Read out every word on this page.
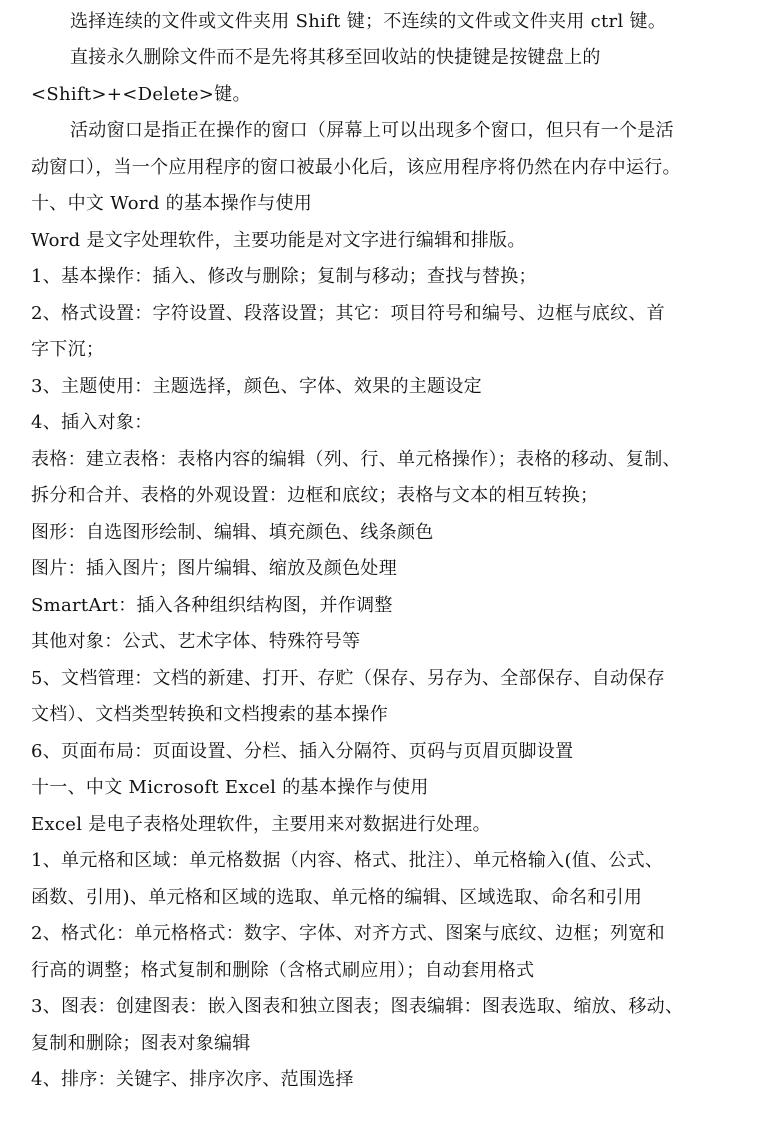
选择连续的文件或文件夹用 Shift 键；不连续的文件或文件夹用 ctrl 键。
直接永久删除文件而不是先将其移至回收站的快捷键是按键盘上的
<Shift>+<Delete>键。
活动窗口是指正在操作的窗口（屏幕上可以出现多个窗口，但只有一个是活
动窗口），当一个应用程序的窗口被最小化后，该应用程序将仍然在内存中运行。
十、中文 Word 的基本操作与使用
Word 是文字处理软件，主要功能是对文字进行编辑和排版。
1、基本操作：插入、修改与删除；复制与移动；查找与替换；
2、格式设置：字符设置、段落设置；其它：项目符号和编号、边框与底纹、首
字下沉；
3、主题使用：主题选择，颜色、字体、效果的主题设定
4、插入对象：
表格：建立表格：表格内容的编辑（列、行、单元格操作）；表格的移动、复制、
拆分和合并、表格的外观设置：边框和底纹；表格与文本的相互转换；
图形：自选图形绘制、编辑、填充颜色、线条颜色
图片：插入图片；图片编辑、缩放及颜色处理
SmartArt：插入各种组织结构图，并作调整
其他对象：公式、艺术字体、特殊符号等
5、文档管理：文档的新建、打开、存贮（保存、另存为、全部保存、自动保存
文档）、文档类型转换和文档搜索的基本操作
6、页面布局：页面设置、分栏、插入分隔符、页码与页眉页脚设置
十一、中文 Microsoft Excel 的基本操作与使用
Excel 是电子表格处理软件，主要用来对数据进行处理。
1、单元格和区域：单元格数据（内容、格式、批注）、单元格输入(值、公式、
函数、引用)、单元格和区域的选取、单元格的编辑、区域选取、命名和引用
2、格式化：单元格格式：数字、字体、对齐方式、图案与底纹、边框；列宽和
行高的调整；格式复制和删除（含格式刷应用）；自动套用格式
3、图表：创建图表：嵌入图表和独立图表；图表编辑：图表选取、缩放、移动、
复制和删除；图表对象编辑
4、排序：关键字、排序次序、范围选择
